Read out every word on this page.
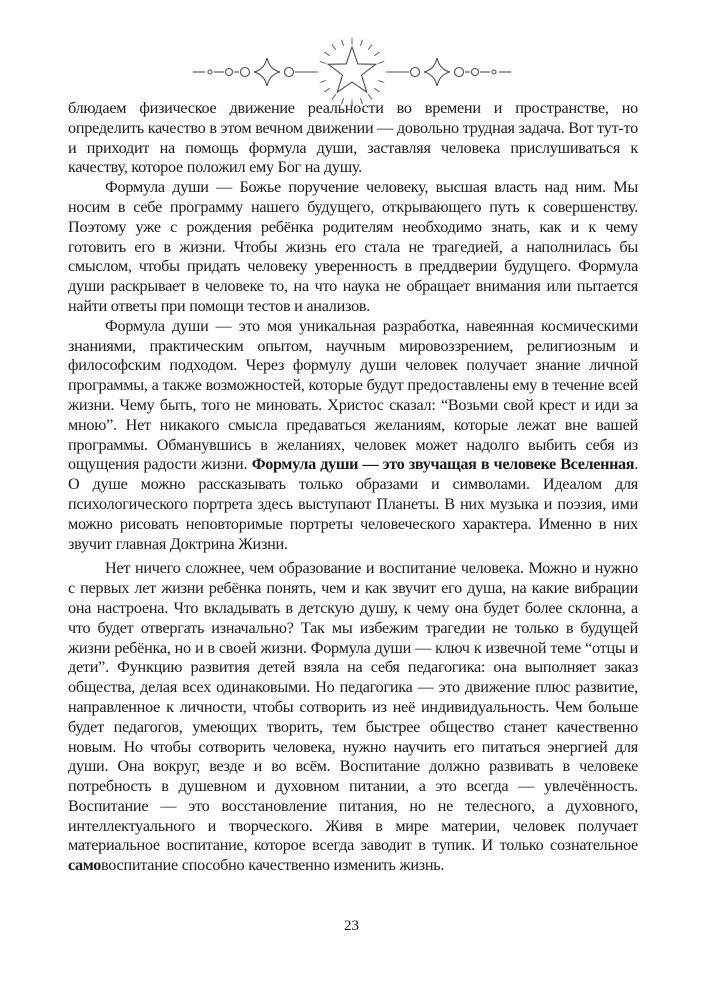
блюдаем физическое движение реальности во времени и пространстве, но определить качество в этом вечном движении — довольно трудная задача. Вот тут-то и приходит на помощь формула души, заставляя человека прислушиваться к качеству, которое положил ему Бог на душу.

Формула души — Божье поручение человеку, высшая власть над ним. Мы носим в себе программу нашего будущего, открывающего путь к совершенству. Поэтому уже с рождения ребёнка родителям необходимо знать, как и к чему готовить его в жизни. Чтобы жизнь его стала не трагедией, а наполнилась бы смыслом, чтобы придать человеку уверенность в преддверии будущего. Формула души раскрывает в человеке то, на что наука не обращает внимания или пытается найти ответы при помощи тестов и анализов.

Формула души — это моя уникальная разработка, навеянная космическими знаниями, практическим опытом, научным мировоззрением, религиозным и философским подходом. Через формулу души человек получает знание личной программы, а также возможностей, которые будут предоставлены ему в течение всей жизни. Чему быть, того не миновать. Христос сказал: “Возьми свой крест и иди за мною”. Нет никакого смысла предаваться желаниям, которые лежат вне вашей программы. Обманувшись в желаниях, человек может надолго выбить себя из ощущения радости жизни. Формула души — это звучащая в человеке Вселенная. О душе можно рассказывать только образами и символами. Идеалом для психологического портрета здесь выступают Планеты. В них музыка и поэзия, ими можно рисовать неповторимые портреты человеческого характера. Именно в них звучит главная Доктрина Жизни.

Нет ничего сложнее, чем образование и воспитание человека. Можно и нужно с первых лет жизни ребёнка понять, чем и как звучит его душа, на какие вибрации она настроена. Что вкладывать в детскую душу, к чему она будет более склонна, а что будет отвергать изначально? Так мы избежим трагедии не только в будущей жизни ребёнка, но и в своей жизни. Формула души — ключ к извечной теме “отцы и дети”. Функцию развития детей взяла на себя педагогика: она выполняет заказ общества, делая всех одинаковыми. Но педагогика — это движение плюс развитие, направленное к личности, чтобы сотворить из неё индивидуальность. Чем больше будет педагогов, умеющих творить, тем быстрее общество станет качественно новым. Но чтобы сотворить человека, нужно научить его питаться энергией для души. Она вокруг, везде и во всём. Воспитание должно развивать в человеке потребность в душевном и духовном питании, а это всегда — увлечённость. Воспитание — это восстановление питания, но не телесного, а духовного, интеллектуального и творческого. Живя в мире материи, человек получает материальное воспитание, которое всегда заводит в тупик. И только сознательное самовоспитание способно качественно изменить жизнь.

23
